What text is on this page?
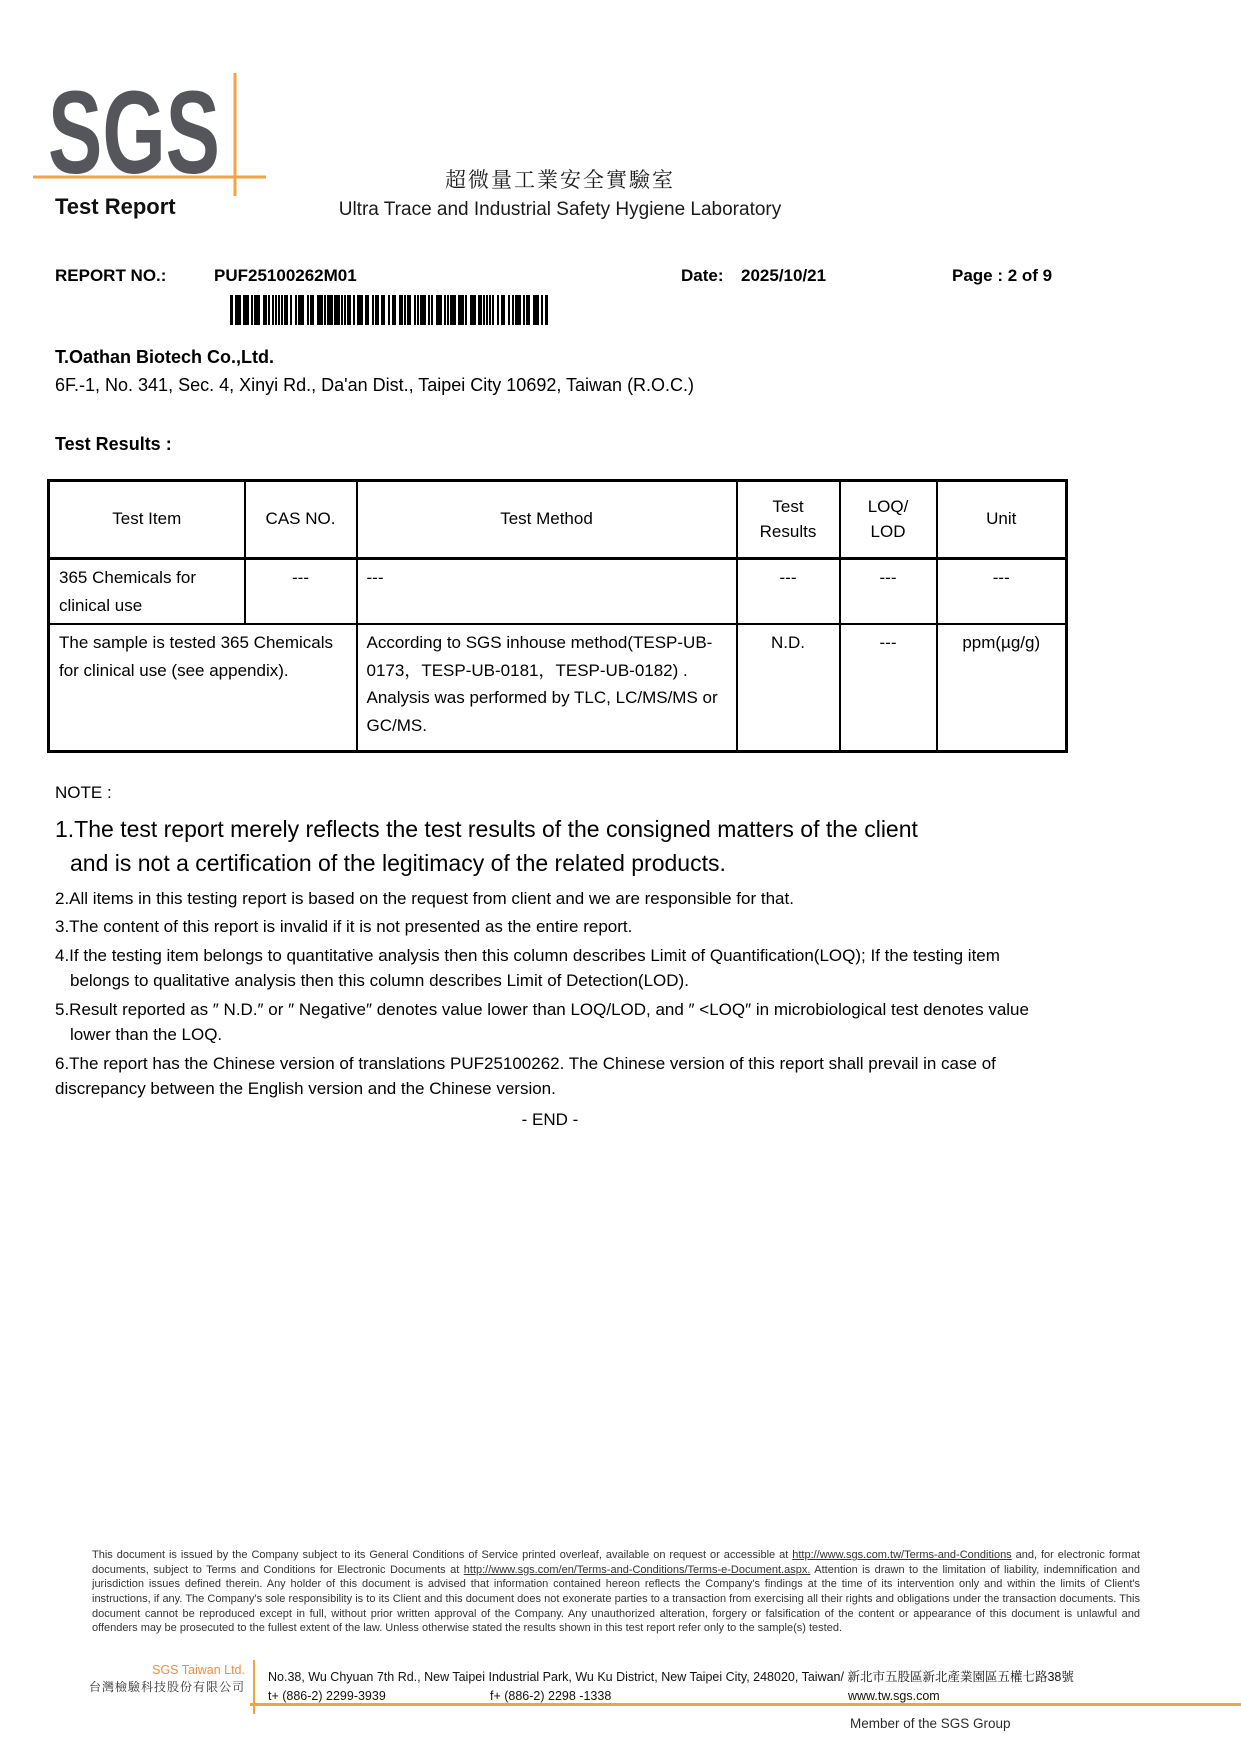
SGS
Test Report
超微量工業安全實驗室
Ultra Trace and Industrial Safety Hygiene Laboratory
REPORT NO.:	PUF25100262M01	Date: 2025/10/21	Page : 2 of 9
T.Oathan Biotech Co.,Ltd.
6F.-1, No. 341, Sec. 4, Xinyi Rd., Da'an Dist., Taipei City 10692, Taiwan (R.O.C.)
Test Results :
Test Item	CAS NO.	Test Method	Test Results	LOQ/ LOD	Unit
365 Chemicals for clinical use	---	---	---	---	---
The sample is tested 365 Chemicals for clinical use (see appendix).		According to SGS inhouse method(TESP-UB-0173，TESP-UB-0181，TESP-UB-0182) . Analysis was performed by TLC, LC/MS/MS or GC/MS.	N.D.	---	ppm(µg/g)
NOTE :
1.The test report merely reflects the test results of the consigned matters of the client and is not a certification of the legitimacy of the related products.
2.All items in this testing report is based on the request from client and we are responsible for that.
3.The content of this report is invalid if it is not presented as the entire report.
4.If the testing item belongs to quantitative analysis then this column describes Limit of Quantification(LOQ); If the testing item belongs to qualitative analysis then this column describes Limit of Detection(LOD).
5.Result reported as ″ N.D.″ or ″ Negative″ denotes value lower than LOQ/LOD, and ″ <LOQ″ in microbiological test denotes value lower than the LOQ.
6.The report has the Chinese version of translations PUF25100262. The Chinese version of this report shall prevail in case of discrepancy between the English version and the Chinese version.
- END -

This document is issued by the Company subject to its General Conditions of Service printed overleaf, available on request or accessible at http://www.sgs.com.tw/Terms-and-Conditions and, for electronic format documents, subject to Terms and Conditions for Electronic Documents at http://www.sgs.com/en/Terms-and-Conditions/Terms-e-Document.aspx. Attention is drawn to the limitation of liability, indemnification and jurisdiction issues defined therein. Any holder of this document is advised that information contained hereon reflects the Company's findings at the time of its intervention only and within the limits of Client's instructions, if any. The Company's sole responsibility is to its Client and this document does not exonerate parties to a transaction from exercising all their rights and obligations under the transaction documents. This document cannot be reproduced except in full, without prior written approval of the Company. Any unauthorized alteration, forgery or falsification of the content or appearance of this document is unlawful and offenders may be prosecuted to the fullest extent of the law. Unless otherwise stated the results shown in this test report refer only to the sample(s) tested.

SGS Taiwan Ltd.
台灣檢驗科技股份有限公司
No.38, Wu Chyuan 7th Rd., New Taipei Industrial Park, Wu Ku District, New Taipei City, 248020, Taiwan/ 新北市五股區新北產業園區五權七路38號
t+ (886-2) 2299-3939	f+ (886-2) 2298 -1338	www.tw.sgs.com
Member of the SGS Group
